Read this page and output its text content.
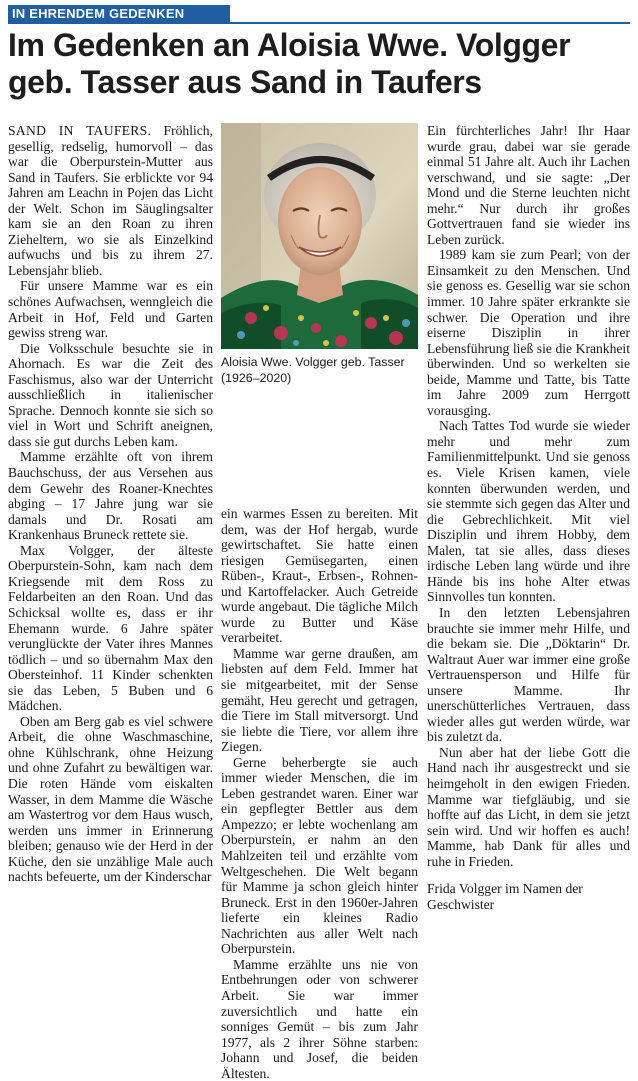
IN EHRENDEM GEDENKEN
Im Gedenken an Aloisia Wwe. Volgger geb. Tasser aus Sand in Taufers

SAND IN TAUFERS. Fröhlich, gesellig, redselig, humorvoll – das war die Oberpurstein-Mutter aus Sand in Taufers. Sie erblickte vor 94 Jahren am Leachn in Pojen das Licht der Welt. Schon im Säuglingsalter kam sie an den Roan zu ihren Zieheltern, wo sie als Einzelkind aufwuchs und bis zu ihrem 27. Lebensjahr blieb.

Für unsere Mamme war es ein schönes Aufwachsen, wenngleich die Arbeit in Hof, Feld und Garten gewiss streng war.

Die Volksschule besuchte sie in Ahornach. Es war die Zeit des Faschismus, also war der Unterricht ausschließlich in italienischer Sprache. Dennoch konnte sie sich so viel in Wort und Schrift aneignen, dass sie gut durchs Leben kam.

Mamme erzählte oft von ihrem Bauchschuss, der aus Versehen aus dem Gewehr des Roaner-Knechtes abging – 17 Jahre jung war sie damals und Dr. Rosati am Krankenhaus Bruneck rettete sie.

Max Volgger, der älteste Oberpurstein-Sohn, kam nach dem Kriegsende mit dem Ross zu Feldarbeiten an den Roan. Und das Schicksal wollte es, dass er ihr Ehemann wurde. 6 Jahre später verunglückte der Vater ihres Mannes tödlich – und so übernahm Max den Obersteinhof. 11 Kinder schenkten sie das Leben, 5 Buben und 6 Mädchen.

Oben am Berg gab es viel schwere Arbeit, die ohne Waschmaschine, ohne Kühlschrank, ohne Heizung und ohne Zufahrt zu bewältigen war. Die roten Hände vom eiskalten Wasser, in dem Mamme die Wäsche am Wastertrog vor dem Haus wusch, werden uns immer in Erinnerung bleiben; genauso wie der Herd in der Küche, den sie unzählige Male auch nachts befeuerte, um der Kinderschar

Aloisia Wwe. Volgger geb. Tasser (1926–2020)

ein warmes Essen zu bereiten. Mit dem, was der Hof hergab, wurde gewirtschaftet. Sie hatte einen riesigen Gemüsegarten, einen Rüben-, Kraut-, Erbsen-, Rohnen- und Kartoffelacker. Auch Getreide wurde angebaut. Die tägliche Milch wurde zu Butter und Käse verarbeitet.

Mamme war gerne draußen, am liebsten auf dem Feld. Immer hat sie mitgearbeitet, mit der Sense gemäht, Heu gerecht und getragen, die Tiere im Stall mitversorgt. Und sie liebte die Tiere, vor allem ihre Ziegen.

Gerne beherbergte sie auch immer wieder Menschen, die im Leben gestrandet waren. Einer war ein gepflegter Bettler aus dem Ampezzo; er lebte wochenlang am Oberpurstein, er nahm an den Mahlzeiten teil und erzählte vom Weltgeschehen. Die Welt begann für Mamme ja schon gleich hinter Bruneck. Erst in den 1960er-Jahren lieferte ein kleines Radio Nachrichten aus aller Welt nach Oberpurstein.

Mamme erzählte uns nie von Entbehrungen oder von schwerer Arbeit. Sie war immer zuversichtlich und hatte ein sonniges Gemüt – bis zum Jahr 1977, als 2 ihrer Söhne starben: Johann und Josef, die beiden Ältesten.

Ein fürchterliches Jahr! Ihr Haar wurde grau, dabei war sie gerade einmal 51 Jahre alt. Auch ihr Lachen verschwand, und sie sagte: „Der Mond und die Sterne leuchten nicht mehr.“ Nur durch ihr großes Gottvertrauen fand sie wieder ins Leben zurück.

1989 kam sie zum Pearl; von der Einsamkeit zu den Menschen. Und sie genoss es. Gesellig war sie schon immer. 10 Jahre später erkrankte sie schwer. Die Operation und ihre eiserne Disziplin in ihrer Lebensführung ließ sie die Krankheit überwinden. Und so werkelten sie beide, Mamme und Tatte, bis Tatte im Jahre 2009 zum Herrgott vorausging.

Nach Tattes Tod wurde sie wieder mehr und mehr zum Familienmittelpunkt. Und sie genoss es. Viele Krisen kamen, viele konnten überwunden werden, und sie stemmte sich gegen das Alter und die Gebrechlichkeit. Mit viel Disziplin und ihrem Hobby, dem Malen, tat sie alles, dass dieses irdische Leben lang würde und ihre Hände bis ins hohe Alter etwas Sinnvolles tun konnten.

In den letzten Lebensjahren brauchte sie immer mehr Hilfe, und die bekam sie. Die „Döktarin“ Dr. Waltraut Auer war immer eine große Vertrauensperson und Hilfe für unsere Mamme. Ihr unerschütterliches Vertrauen, dass wieder alles gut werden würde, war bis zuletzt da.

Nun aber hat der liebe Gott die Hand nach ihr ausgestreckt und sie heimgeholt in den ewigen Frieden. Mamme war tiefgläubig, und sie hoffte auf das Licht, in dem sie jetzt sein wird. Und wir hoffen es auch! Mamme, hab Dank für alles und ruhe in Frieden.

Frida Volgger im Namen der Geschwister
